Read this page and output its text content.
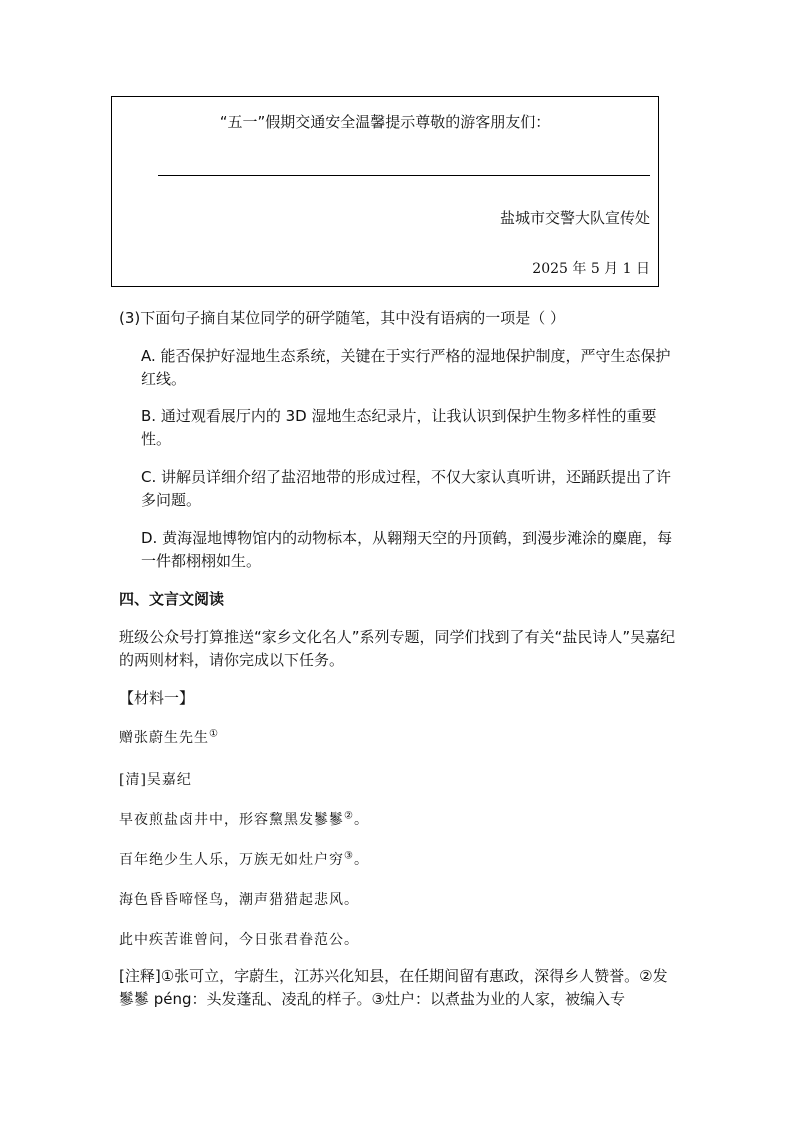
“五一”假期交通安全温馨提示尊敬的游客朋友们：
盐城市交警大队宣传处
2025 年 5 月 1 日
(3)下面句子摘自某位同学的研学随笔，其中没有语病的一项是（ ）
A. 能否保护好湿地生态系统，关键在于实行严格的湿地保护制度，严守生态保护红线。
B. 通过观看展厅内的 3D 湿地生态纪录片，让我认识到保护生物多样性的重要性。
C. 讲解员详细介绍了盐沼地带的形成过程，不仅大家认真听讲，还踊跃提出了许多问题。
D. 黄海湿地博物馆内的动物标本，从翱翔天空的丹顶鹤，到漫步滩涂的麋鹿，每一件都栩栩如生。
四、文言文阅读
班级公众号打算推送“家乡文化名人”系列专题，同学们找到了有关“盐民诗人”吴嘉纪的两则材料，请你完成以下任务。
【材料一】
赠张蔚生先生①
[清]吴嘉纪
早夜煎盐卤井中，形容黧黑发鬖鬖②。
百年绝少生人乐，万族无如灶户穷③。
海色昏昏啼怪鸟，潮声猎猎起悲风。
此中疾苦谁曾问，今日张君眷范公。
[注释]①张可立，字蔚生，江苏兴化知县，在任期间留有惠政，深得乡人赞誉。②发鬖鬖 péng：头发蓬乱、凌乱的样子。③灶户：以煮盐为业的人家，被编入专
